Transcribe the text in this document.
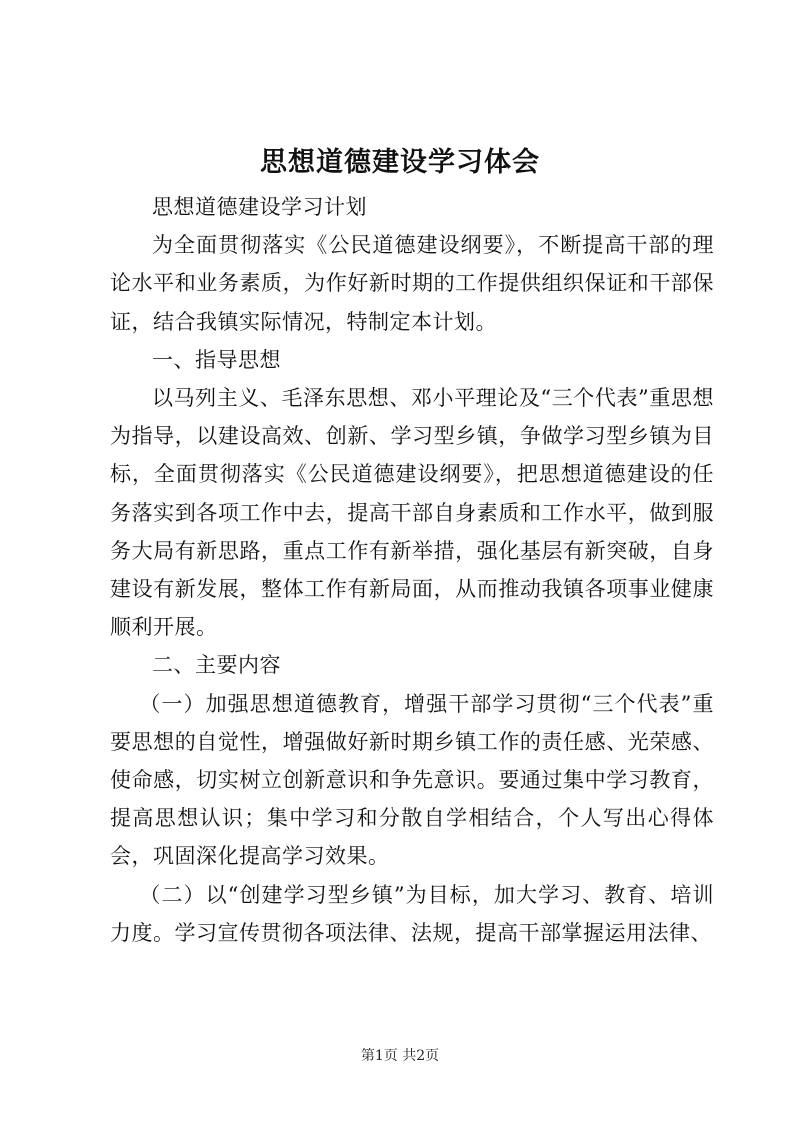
思想道德建设学习体会

思想道德建设学习计划

为全面贯彻落实《公民道德建设纲要》，不断提高干部的理论水平和业务素质，为作好新时期的工作提供组织保证和干部保证，结合我镇实际情况，特制定本计划。

一、指导思想

以马列主义、毛泽东思想、邓小平理论及“三个代表”重思想为指导，以建设高效、创新、学习型乡镇，争做学习型乡镇为目标，全面贯彻落实《公民道德建设纲要》，把思想道德建设的任务落实到各项工作中去，提高干部自身素质和工作水平，做到服务大局有新思路，重点工作有新举措，强化基层有新突破，自身建设有新发展，整体工作有新局面，从而推动我镇各项事业健康顺利开展。

二、主要内容

（一）加强思想道德教育，增强干部学习贯彻“三个代表”重要思想的自觉性，增强做好新时期乡镇工作的责任感、光荣感、使命感，切实树立创新意识和争先意识。要通过集中学习教育，提高思想认识；集中学习和分散自学相结合，个人写出心得体会，巩固深化提高学习效果。

（二）以“创建学习型乡镇”为目标，加大学习、教育、培训力度。学习宣传贯彻各项法律、法规，提高干部掌握运用法律、

第1页 共2页
